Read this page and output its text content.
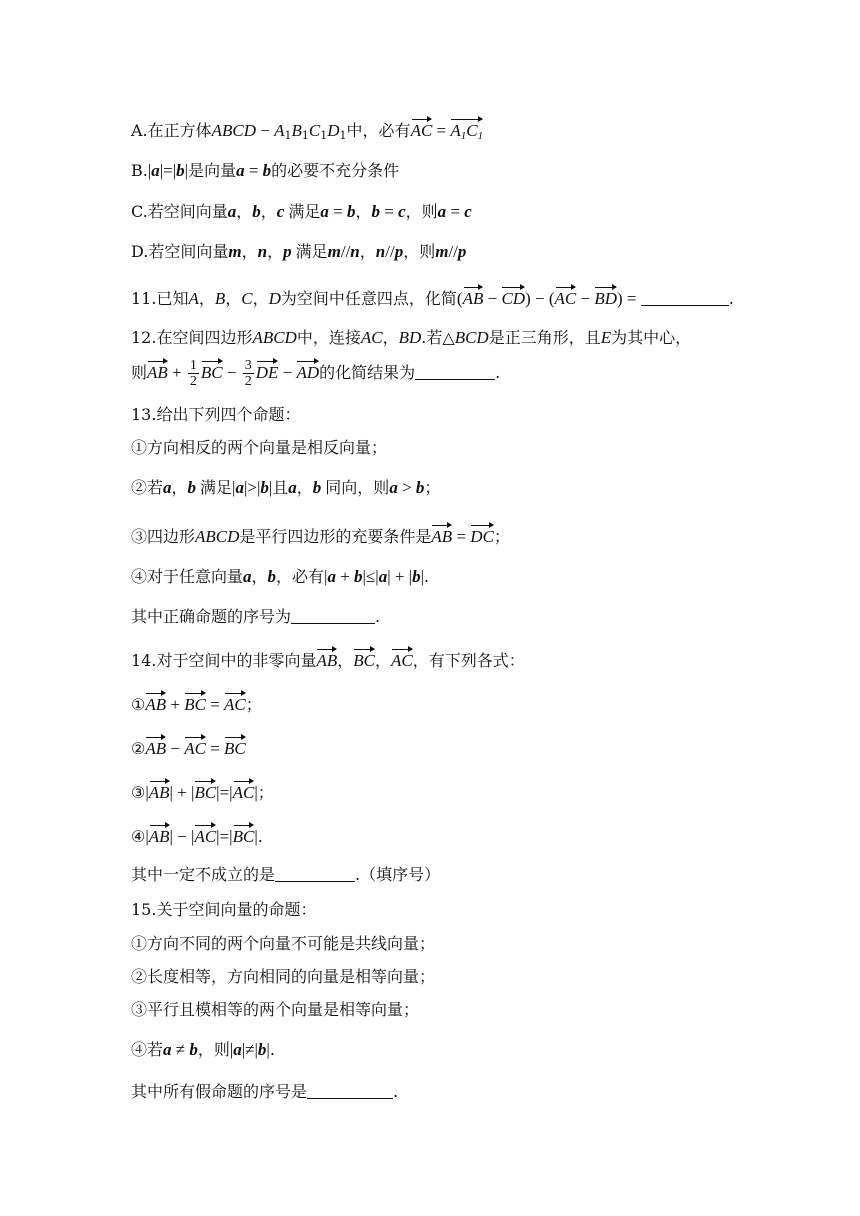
A.在正方体ABCD − $A_1B_1C_1D_1$中，必有AC = $A_1C_1$
B.|a|=|b|是向量a = b的必要不充分条件
C.若空间向量a，b，c 满足a = b，b = c，则a = c
D.若空间向量m，n，p 满足m//n，n//p，则m//p
11.已知A，B，C，D为空间中任意四点，化简(AB − CD) − (AC − BD) =	.
12.在空间四边形ABCD中，连接AC，BD.若△BCD是正三角形，且E为其中心，
则AB + $\frac{1}{2}$ BC − $\frac{3}{2}$ DE − AD的化简结果为	.
13.给出下列四个命题：
①方向相反的两个向量是相反向量；
②若a，b 满足|a|>|b|且a，b 同向，则a > b；
③四边形ABCD是平行四边形的充要条件是AB = DC；
④对于任意向量a，b，必有|a + b|≤|a| + |b|.
其中正确命题的序号为	.
14.对于空间中的非零向量AB，BC，AC，有下列各式：
①AB + BC = AC；
②AB − AC = BC
③|AB| + |BC|=|AC|；
④|AB| − |AC|=|BC|.
其中一定不成立的是	.（填序号）
15.关于空间向量的命题：
①方向不同的两个向量不可能是共线向量；
②长度相等，方向相同的向量是相等向量；
③平行且模相等的两个向量是相等向量；
④若a ≠ b，则|a|≠|b|.
其中所有假命题的序号是	.
